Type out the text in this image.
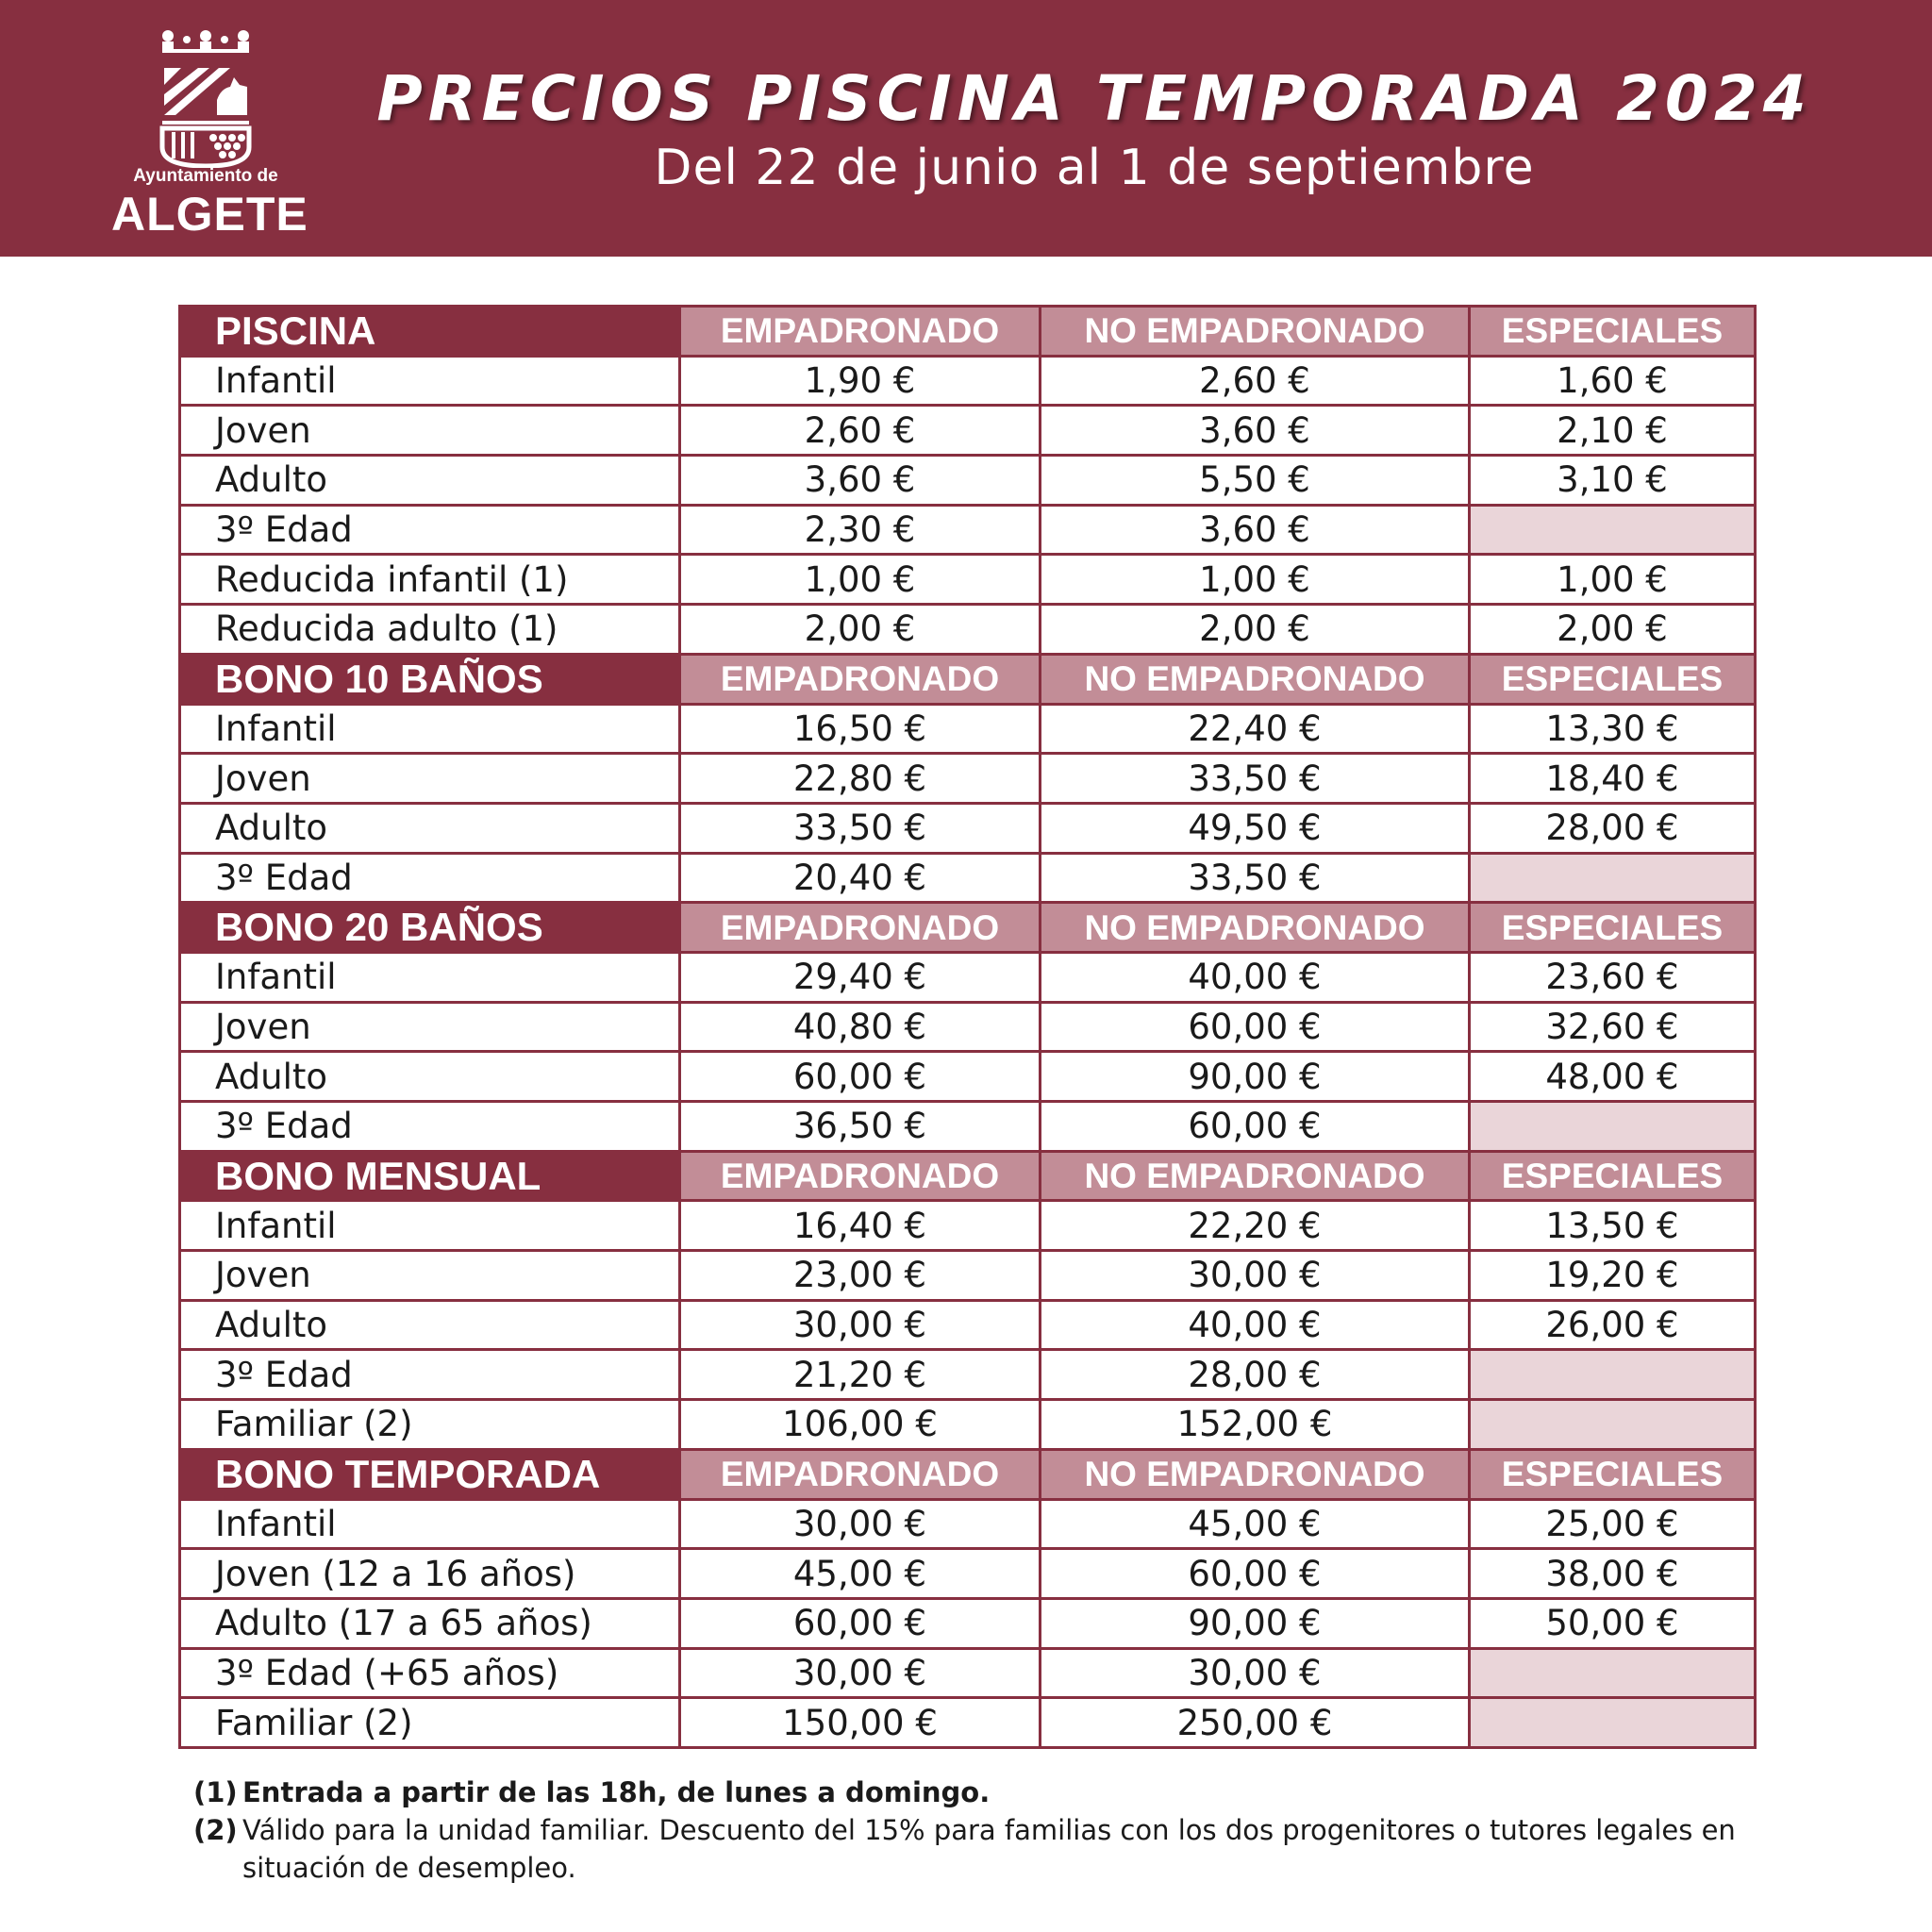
Ayuntamiento de
ALGETE
PRECIOS PISCINA TEMPORADA 2024
Del 22 de junio al 1 de septiembre
PISCINA	EMPADRONADO	NO EMPADRONADO	ESPECIALES
Infantil	1,90 €	2,60 €	1,60 €
Joven	2,60 €	3,60 €	2,10 €
Adulto	3,60 €	5,50 €	3,10 €
3º Edad	2,30 €	3,60 €	
Reducida infantil (1)	1,00 €	1,00 €	1,00 €
Reducida adulto (1)	2,00 €	2,00 €	2,00 €
BONO 10 BAÑOS	EMPADRONADO	NO EMPADRONADO	ESPECIALES
Infantil	16,50 €	22,40 €	13,30 €
Joven	22,80 €	33,50 €	18,40 €
Adulto	33,50 €	49,50 €	28,00 €
3º Edad	20,40 €	33,50 €	
BONO 20 BAÑOS	EMPADRONADO	NO EMPADRONADO	ESPECIALES
Infantil	29,40 €	40,00 €	23,60 €
Joven	40,80 €	60,00 €	32,60 €
Adulto	60,00 €	90,00 €	48,00 €
3º Edad	36,50 €	60,00 €	
BONO MENSUAL	EMPADRONADO	NO EMPADRONADO	ESPECIALES
Infantil	16,40 €	22,20 €	13,50 €
Joven	23,00 €	30,00 €	19,20 €
Adulto	30,00 €	40,00 €	26,00 €
3º Edad	21,20 €	28,00 €	
Familiar (2)	106,00 €	152,00 €	
BONO TEMPORADA	EMPADRONADO	NO EMPADRONADO	ESPECIALES
Infantil	30,00 €	45,00 €	25,00 €
Joven (12 a 16 años)	45,00 €	60,00 €	38,00 €
Adulto (17 a 65 años)	60,00 €	90,00 €	50,00 €
3º Edad (+65 años)	30,00 €	30,00 €	
Familiar (2)	150,00 €	250,00 €	
(1) Entrada a partir de las 18h, de lunes a domingo.
(2) Válido para la unidad familiar. Descuento del 15% para familias con los dos progenitores o tutores legales en situación de desempleo.
